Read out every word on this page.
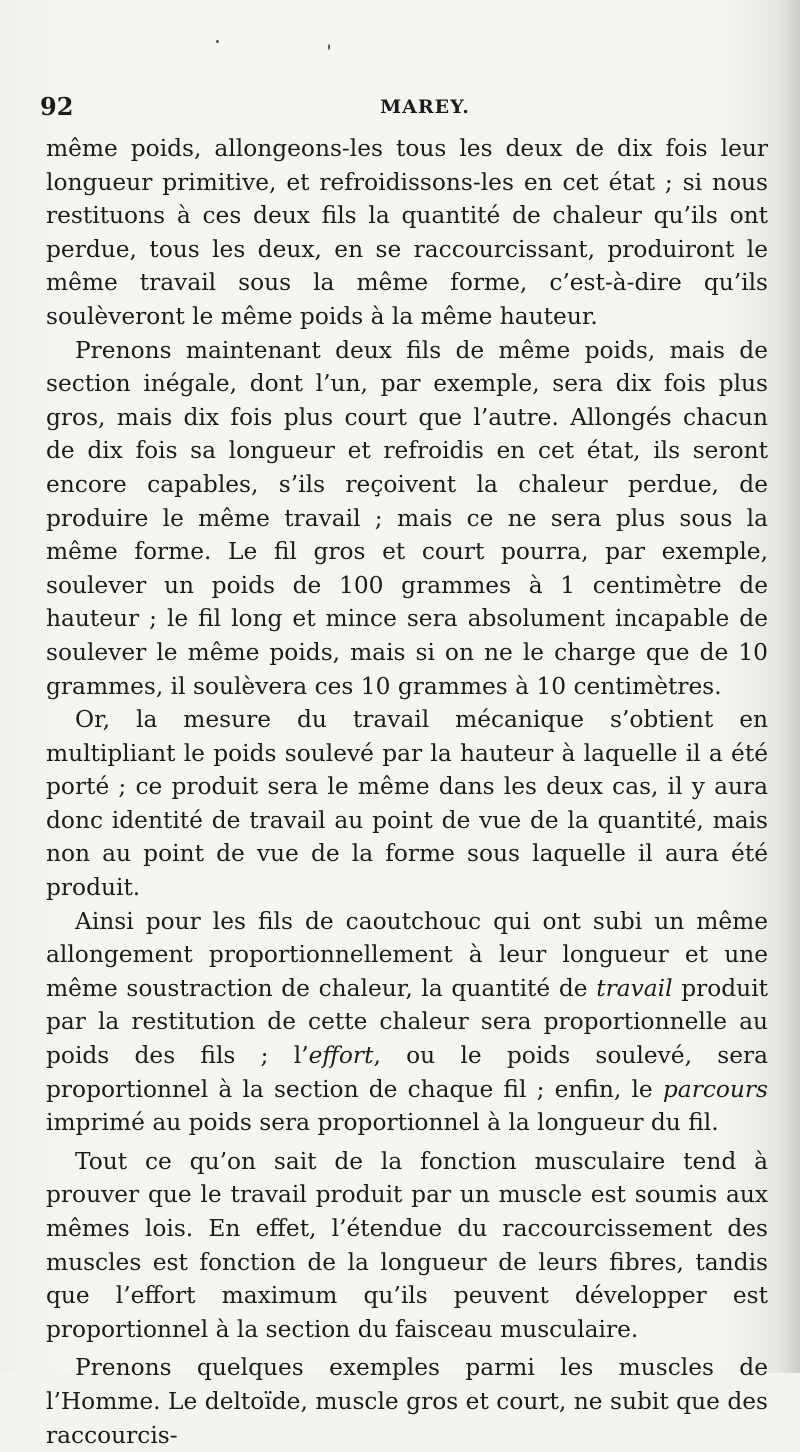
92	MAREY.

même poids, allongeons-les tous les deux de dix fois leur longueur primitive, et refroidissons-les en cet état ; si nous restituons à ces deux fils la quantité de chaleur qu’ils ont perdue, tous les deux, en se raccourcissant, produiront le même travail sous la même forme, c’est-à-dire qu’ils soulèveront le même poids à la même hauteur.

Prenons maintenant deux fils de même poids, mais de section inégale, dont l’un, par exemple, sera dix fois plus gros, mais dix fois plus court que l’autre. Allongés chacun de dix fois sa longueur et refroidis en cet état, ils seront encore capables, s’ils reçoivent la chaleur perdue, de produire le même travail ; mais ce ne sera plus sous la même forme. Le fil gros et court pourra, par exemple, soulever un poids de 100 grammes à 1 centimètre de hauteur ; le fil long et mince sera absolument incapable de soulever le même poids, mais si on ne le charge que de 10 grammes, il soulèvera ces 10 grammes à 10 centimètres.

Or, la mesure du travail mécanique s’obtient en multipliant le poids soulevé par la hauteur à laquelle il a été porté ; ce produit sera le même dans les deux cas, il y aura donc identité de travail au point de vue de la quantité, mais non au point de vue de la forme sous laquelle il aura été produit.

Ainsi pour les fils de caoutchouc qui ont subi un même allongement proportionnellement à leur longueur et une même soustraction de chaleur, la quantité de travail produit par la restitution de cette chaleur sera proportionnelle au poids des fils ; l’effort, ou le poids soulevé, sera proportionnel à la section de chaque fil ; enfin, le parcours imprimé au poids sera proportionnel à la longueur du fil.

Tout ce qu’on sait de la fonction musculaire tend à prouver que le travail produit par un muscle est soumis aux mêmes lois. En effet, l’étendue du raccourcissement des muscles est fonction de la longueur de leurs fibres, tandis que l’effort maximum qu’ils peuvent développer est proportionnel à la section du faisceau musculaire.

Prenons quelques exemples parmi les muscles de l’Homme. Le deltoïde, muscle gros et court, ne subit que des raccourcis-
